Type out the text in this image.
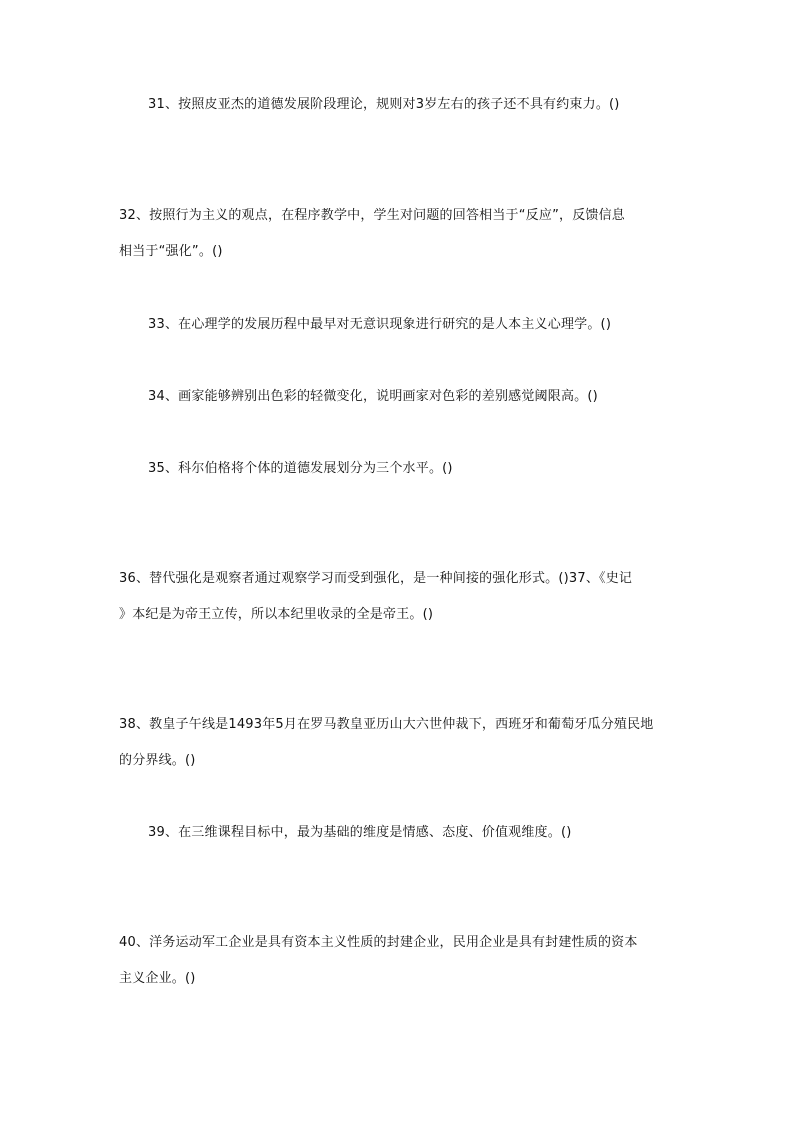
31、按照皮亚杰的道德发展阶段理论，规则对3岁左右的孩子还不具有约束力。()
32、按照行为主义的观点，在程序教学中，学生对问题的回答相当于“反应”，反馈信息
相当于“强化”。()
33、在心理学的发展历程中最早对无意识现象进行研究的是人本主义心理学。()
34、画家能够辨别出色彩的轻微变化，说明画家对色彩的差别感觉阈限高。()
35、科尔伯格将个体的道德发展划分为三个水平。()
36、替代强化是观察者通过观察学习而受到强化，是一种间接的强化形式。()37、《史记
》本纪是为帝王立传，所以本纪里收录的全是帝王。()
38、教皇子午线是1493年5月在罗马教皇亚历山大六世仲裁下，西班牙和葡萄牙瓜分殖民地
的分界线。()
39、在三维课程目标中，最为基础的维度是情感、态度、价值观维度。()
40、洋务运动军工企业是具有资本主义性质的封建企业，民用企业是具有封建性质的资本
主义企业。()
